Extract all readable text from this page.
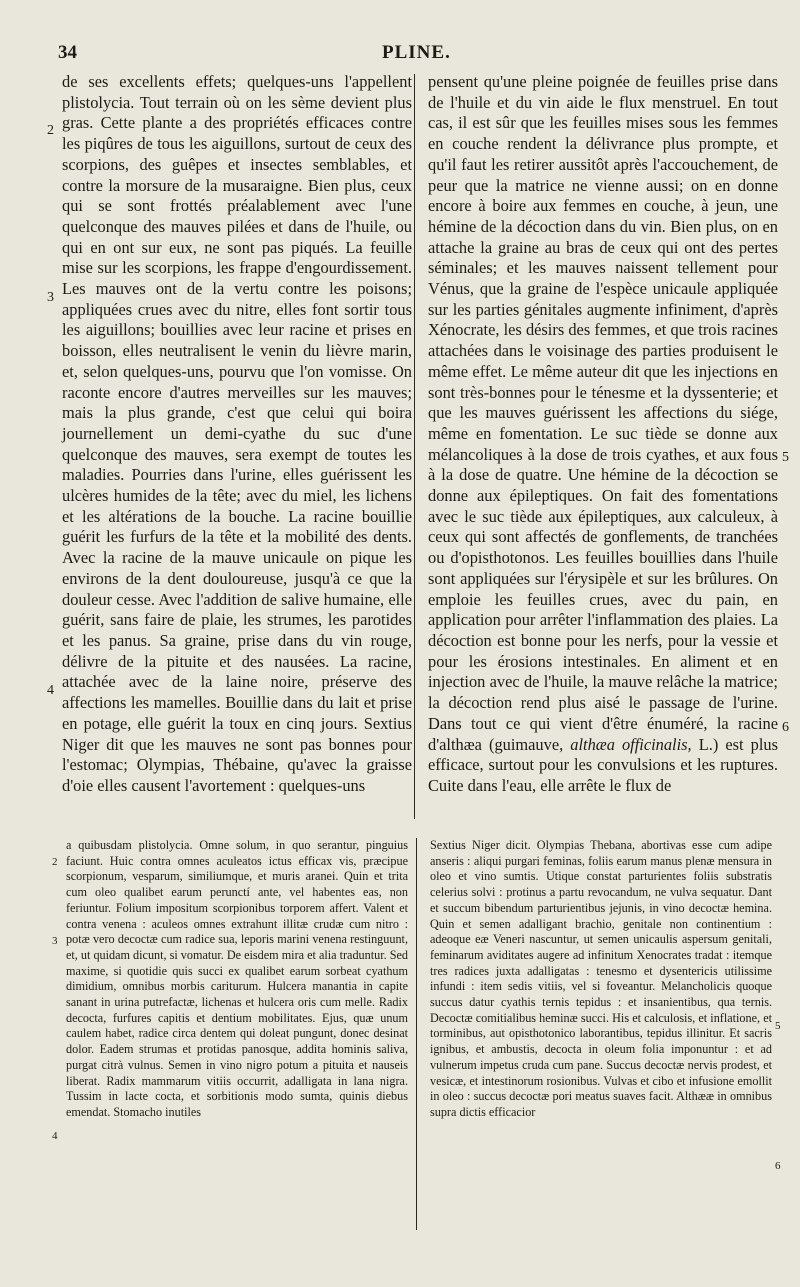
34	PLINE.

de ses excellents effets; quelques-uns l'appellent plistolycia. Tout terrain où on les sème devient plus gras. Cette plante a des propriétés efficaces contre les piqûres de tous les aiguillons, surtout de ceux des scorpions, des guêpes et insectes semblables, et contre la morsure de la musaraigne. Bien plus, ceux qui se sont frottés préalablement avec l'une quelconque des mauves pilées et dans de l'huile, ou qui en ont sur eux, ne sont pas piqués. La feuille mise sur les scorpions, les frappe d'engourdissement. Les mauves ont de la vertu contre les poisons; appliquées crues avec du nitre, elles font sortir tous les aiguillons; bouillies avec leur racine et prises en boisson, elles neutralisent le venin du lièvre marin, et, selon quelques-uns, pourvu que l'on vomisse. On raconte encore d'autres merveilles sur les mauves; mais la plus grande, c'est que celui qui boira journellement un demi-cyathe du suc d'une quelconque des mauves, sera exempt de toutes les maladies. Pourries dans l'urine, elles guérissent les ulcères humides de la tête; avec du miel, les lichens et les altérations de la bouche. La racine bouillie guérit les furfurs de la tête et la mobilité des dents. Avec la racine de la mauve unicaule on pique les environs de la dent douloureuse, jusqu'à ce que la douleur cesse. Avec l'addition de salive humaine, elle guérit, sans faire de plaie, les strumes, les parotides et les panus. Sa graine, prise dans du vin rouge, délivre de la pituite et des nausées. La racine, attachée avec de la laine noire, préserve des affections les mamelles. Bouillie dans du lait et prise en potage, elle guérit la toux en cinq jours. Sextius Niger dit que les mauves ne sont pas bonnes pour l'estomac; Olympias, Thébaine, qu'avec la graisse d'oie elles causent l'avortement : quelques-uns

pensent qu'une pleine poignée de feuilles prise dans de l'huile et du vin aide le flux menstruel. En tout cas, il est sûr que les feuilles mises sous les femmes en couche rendent la délivrance plus prompte, et qu'il faut les retirer aussitôt après l'accouchement, de peur que la matrice ne vienne aussi; on en donne encore à boire aux femmes en couche, à jeun, une hémine de la décoction dans du vin. Bien plus, on en attache la graine au bras de ceux qui ont des pertes séminales; et les mauves naissent tellement pour Vénus, que la graine de l'espèce unicaule appliquée sur les parties génitales augmente infiniment, d'après Xénocrate, les désirs des femmes, et que trois racines attachées dans le voisinage des parties produisent le même effet. Le même auteur dit que les injections en sont très-bonnes pour le ténesme et la dyssenterie; et que les mauves guérissent les affections du siége, même en fomentation. Le suc tiède se donne aux mélancoliques à la dose de trois cyathes, et aux fous à la dose de quatre. Une hémine de la décoction se donne aux épileptiques. On fait des fomentations avec le suc tiède aux épileptiques, aux calculeux, à ceux qui sont affectés de gonflements, de tranchées ou d'opisthotonos. Les feuilles bouillies dans l'huile sont appliquées sur l'érysipèle et sur les brûlures. On emploie les feuilles crues, avec du pain, en application pour arrêter l'inflammation des plaies. La décoction est bonne pour les nerfs, pour la vessie et pour les érosions intestinales. En aliment et en injection avec de l'huile, la mauve relâche la matrice; la décoction rend plus aisé le passage de l'urine. Dans tout ce qui vient d'être énuméré, la racine d'althæa (guimauve, althæa officinalis, L.) est plus efficace, surtout pour les convulsions et les ruptures. Cuite dans l'eau, elle arrête le flux de

2
3
4
5
6

a quibusdam plistolycia. Omne solum, in quo serantur, pinguius faciunt. Huic contra omnes aculeatos ictus efficax vis, præcipue scorpionum, vesparum, similiumque, et muris aranei. Quin et trita cum oleo qualibet earum perunctí ante, vel habentes eas, non feriuntur. Folium impositum scorpionibus torporem affert. Valent et contra venena : aculeos omnes extrahunt illitæ crudæ cum nitro : potæ vero decoctæ cum radice sua, leporis marini venena restinguunt, et, ut quidam dicunt, si vomatur. De eisdem mira et alia traduntur. Sed maxime, si quotidie quis succi ex qualibet earum sorbeat cyathum dimidium, omnibus morbis cariturum. Hulcera manantia in capite sanant in urina putrefactæ, lichenas et hulcera oris cum melle. Radix decocta, furfures capitis et dentium mobilitates. Ejus, quæ unum caulem habet, radice circa dentem qui doleat pungunt, donec desinat dolor. Eadem strumas et protidas panosque, addita hominis saliva, purgat citrà vulnus. Semen in vino nigro potum a pituita et nauseis liberat. Radix mammarum vitiis occurrit, adalligata in lana nigra. Tussim in lacte cocta, et sorbitionis modo sumta, quinis diebus emendat. Stomacho inutiles

Sextius Niger dicit. Olympias Thebana, abortivas esse cum adipe anseris : aliqui purgari feminas, foliis earum manus plenæ mensura in oleo et vino sumtis. Utique constat parturientes foliis substratis celerius solvi : protinus a partu revocandum, ne vulva sequatur. Dant et succum bibendum parturientibus jejunis, in vino decoctæ hemina. Quin et semen adalligant brachio, genitale non continentium : adeoque eæ Veneri nascuntur, ut semen unicaulis aspersum genitali, feminarum aviditates augere ad infinitum Xenocrates tradat : itemque tres radices juxta adalligatas : tenesmo et dysentericis utilissime infundi : item sedis vitiis, vel si foveantur. Melancholicis quoque succus datur cyathis ternis tepidus : et insanientibus, qua ternis. Decoctæ comitialibus heminæ succi. His et calculosis, et inflatione, et torminibus, aut opisthotonico laborantibus, tepidus illinitur. Et sacris ignibus, et ambustis, decocta in oleum folia imponuntur : et ad vulnerum impetus cruda cum pane. Succus decoctæ nervis prodest, et vesicæ, et intestinorum rosionibus. Vulvas et cibo et infusione emollit in oleo : succus decoctæ pori meatus suaves facit. Althææ in omnibus supra dictis efficacior

2
3
4
5
6
